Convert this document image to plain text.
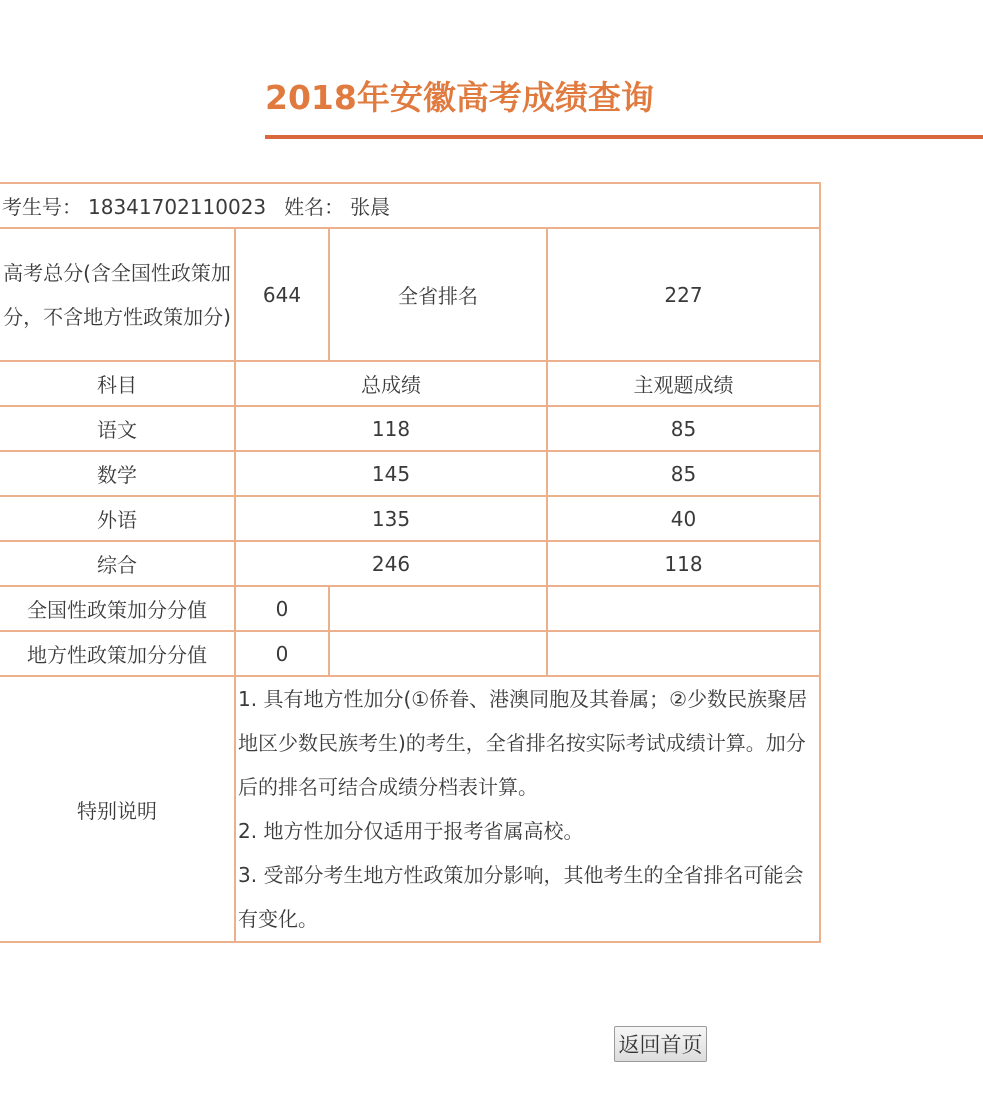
2018年安徽高考成绩查询
考生号： 18341702110023 姓名： 张晨			
高考总分(含全国性政策加分，不含地方性政策加分)	644	全省排名	227
科目	总成绩		主观题成绩
语文	118		85
数学	145		85
外语	135		40
综合	246		118
全国性政策加分分值	0		
地方性政策加分分值	0		
特别说明	1. 具有地方性加分(①侨眷、港澳同胞及其眷属；②少数民族聚居地区少数民族考生)的考生，全省排名按实际考试成绩计算。加分后的排名可结合成绩分档表计算。
2. 地方性加分仅适用于报考省属高校。
3. 受部分考生地方性政策加分影响，其他考生的全省排名可能会有变化。		
返回首页
